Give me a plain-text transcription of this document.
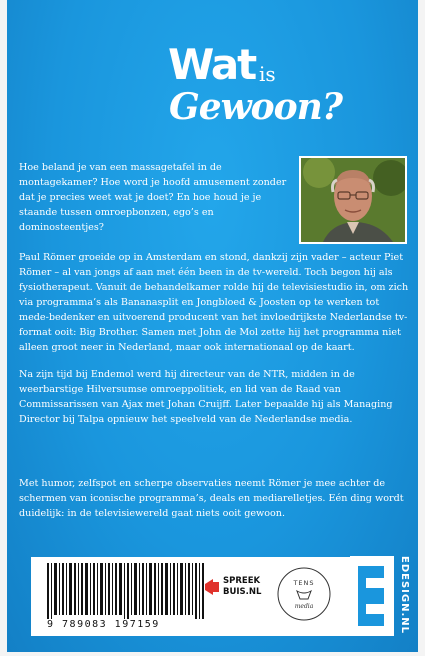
Wat is
Gewoon?

Hoe beland je van een massagetafel in de montagekamer? Hoe word je hoofd amusement zonder dat je precies weet wat je doet? En hoe houd je je staande tussen omroepbonzen, ego’s en dominosteentjes?

Paul Römer groeide op in Amsterdam en stond, dankzij zijn vader – acteur Piet Römer – al van jongs af aan met één been in de tv-wereld. Toch begon hij als fysiotherapeut. Vanuit de behandelkamer rolde hij de televisiestudio in, om zich via programma’s als Bananasplit en Jongbloed & Joosten op te werken tot mede-bedenker en uitvoerend producent van het invloedrijkste Nederlandse tv-format ooit: Big Brother. Samen met John de Mol zette hij het programma niet alleen groot neer in Nederland, maar ook internationaal op de kaart.

Na zijn tijd bij Endemol werd hij directeur van de NTR, midden in de weerbarstige Hilversumse omroeppolitiek, en lid van de Raad van Commissarissen van Ajax met Johan Cruijff. Later bepaalde hij als Managing Director bij Talpa opnieuw het speelveld van de Nederlandse media.

Met humor, zelfspot en scherpe observaties neemt Römer je mee achter de schermen van iconische programma’s, deals en mediarelletjes. Eén ding wordt duidelijk: in de televisiewereld gaat niets ooit gewoon.

9 789083 197159
SPREEK
BUIS.NL
TENS
media	EDESIGN.NL
